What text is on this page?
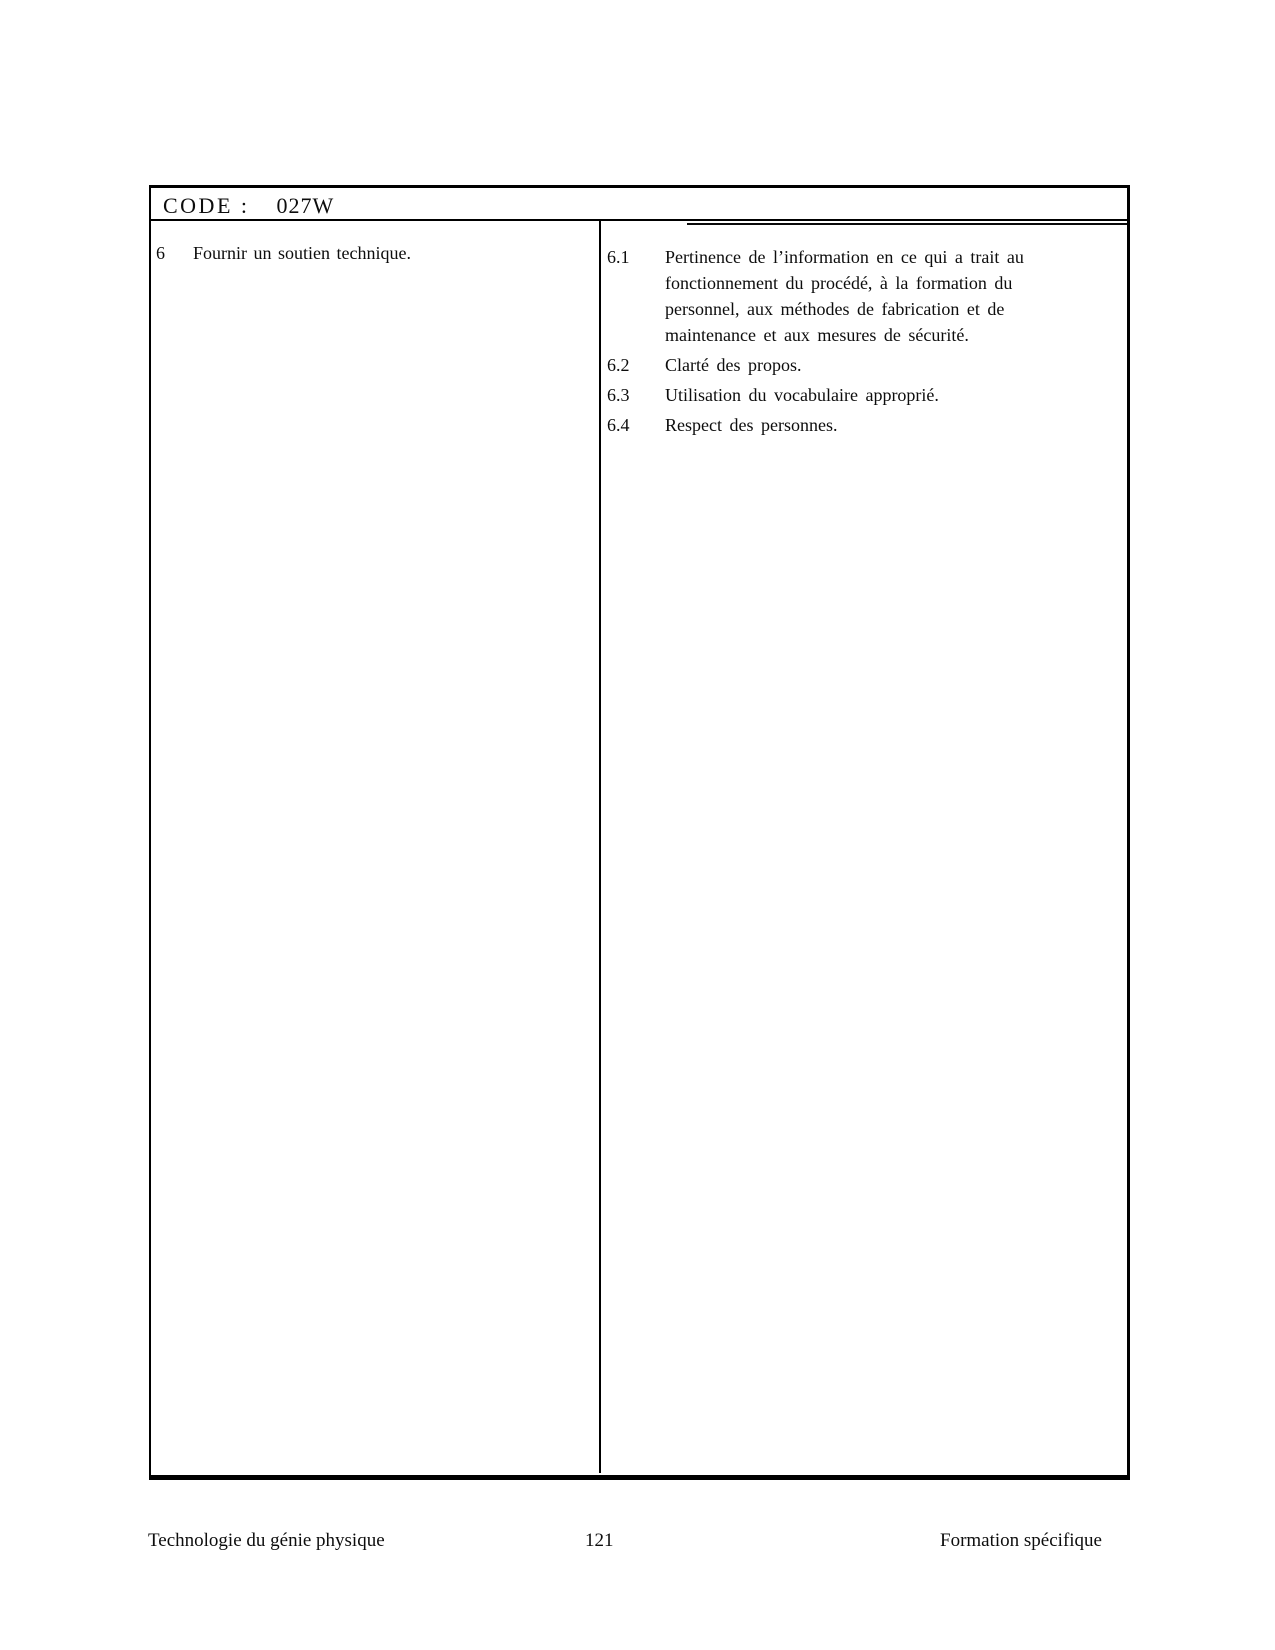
CODE : 027W
6	Fournir un soutien technique.	6.1	Pertinence de l’information en ce qui a trait au
fonctionnement du procédé, à la formation du
personnel, aux méthodes de fabrication et de
maintenance et aux mesures de sécurité.
6.2	Clarté des propos.
6.3	Utilisation du vocabulaire approprié.
6.4	Respect des personnes.
Technologie du génie physique	121	Formation spécifique
